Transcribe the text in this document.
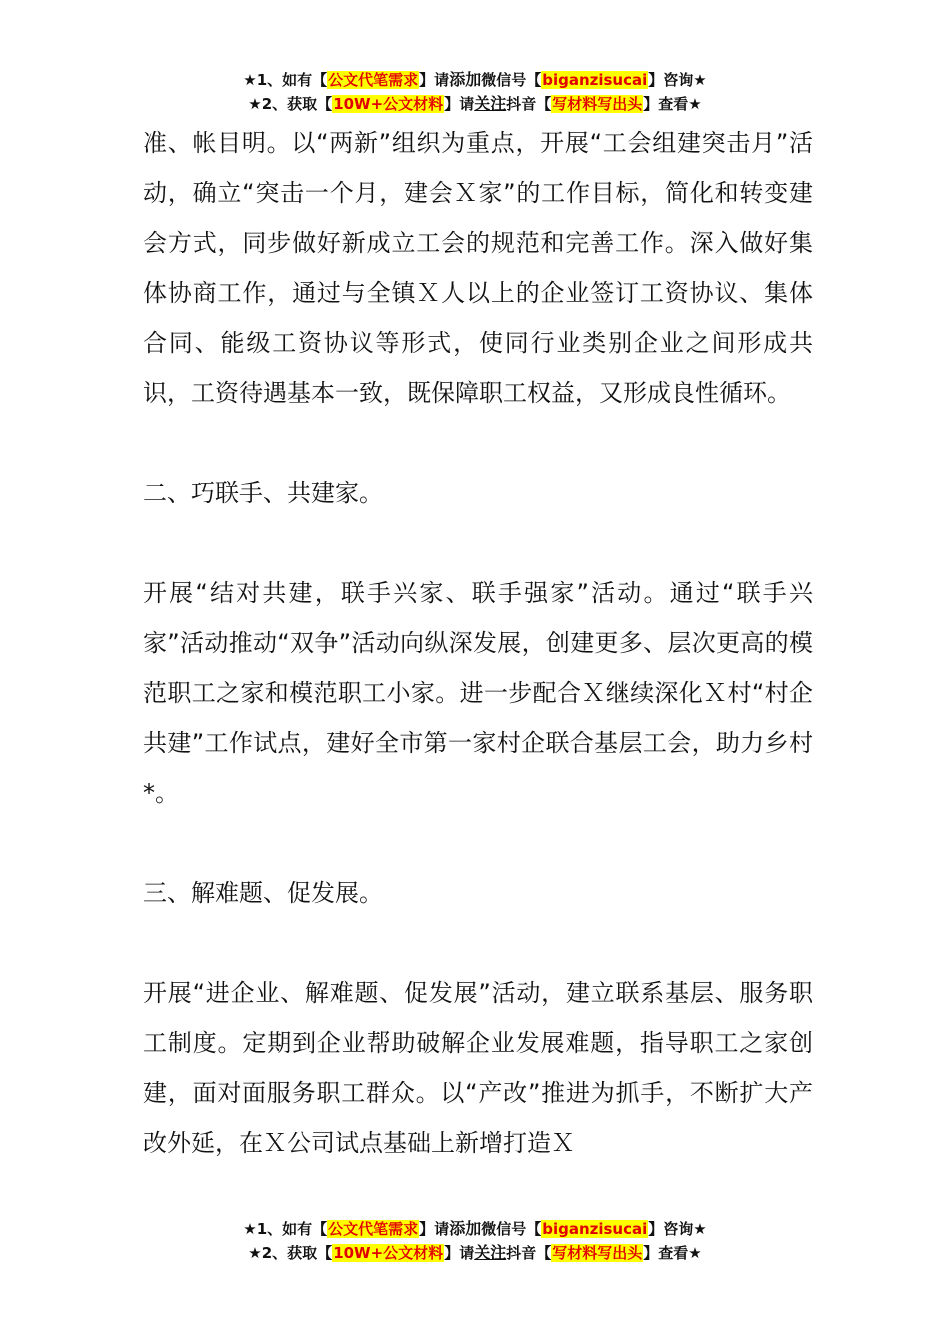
★1、如有【公文代笔需求】请添加微信号【biganzisucai】咨询★
★2、获取【10W+公文材料】请关注抖音【写材料写出头】查看★

准、帐目明。以“两新”组织为重点，开展“工会组建突击月”活动，确立“突击一个月，建会Ｘ家”的工作目标，简化和转变建会方式，同步做好新成立工会的规范和完善工作。深入做好集体协商工作，通过与全镇Ｘ人以上的企业签订工资协议、集体合同、能级工资协议等形式，使同行业类别企业之间形成共识，工资待遇基本一致，既保障职工权益，又形成良性循环。

二、巧联手、共建家。

开展“结对共建，联手兴家、联手强家”活动。通过“联手兴家”活动推动“双争”活动向纵深发展，创建更多、层次更高的模范职工之家和模范职工小家。进一步配合Ｘ继续深化Ｘ村“村企共建”工作试点，建好全市第一家村企联合基层工会，助力乡村*。

三、解难题、促发展。

开展“进企业、解难题、促发展”活动，建立联系基层、服务职工制度。定期到企业帮助破解企业发展难题，指导职工之家创建，面对面服务职工群众。以“产改”推进为抓手，不断扩大产改外延，在Ｘ公司试点基础上新增打造Ｘ

★1、如有【公文代笔需求】请添加微信号【biganzisucai】咨询★
★2、获取【10W+公文材料】请关注抖音【写材料写出头】查看★
